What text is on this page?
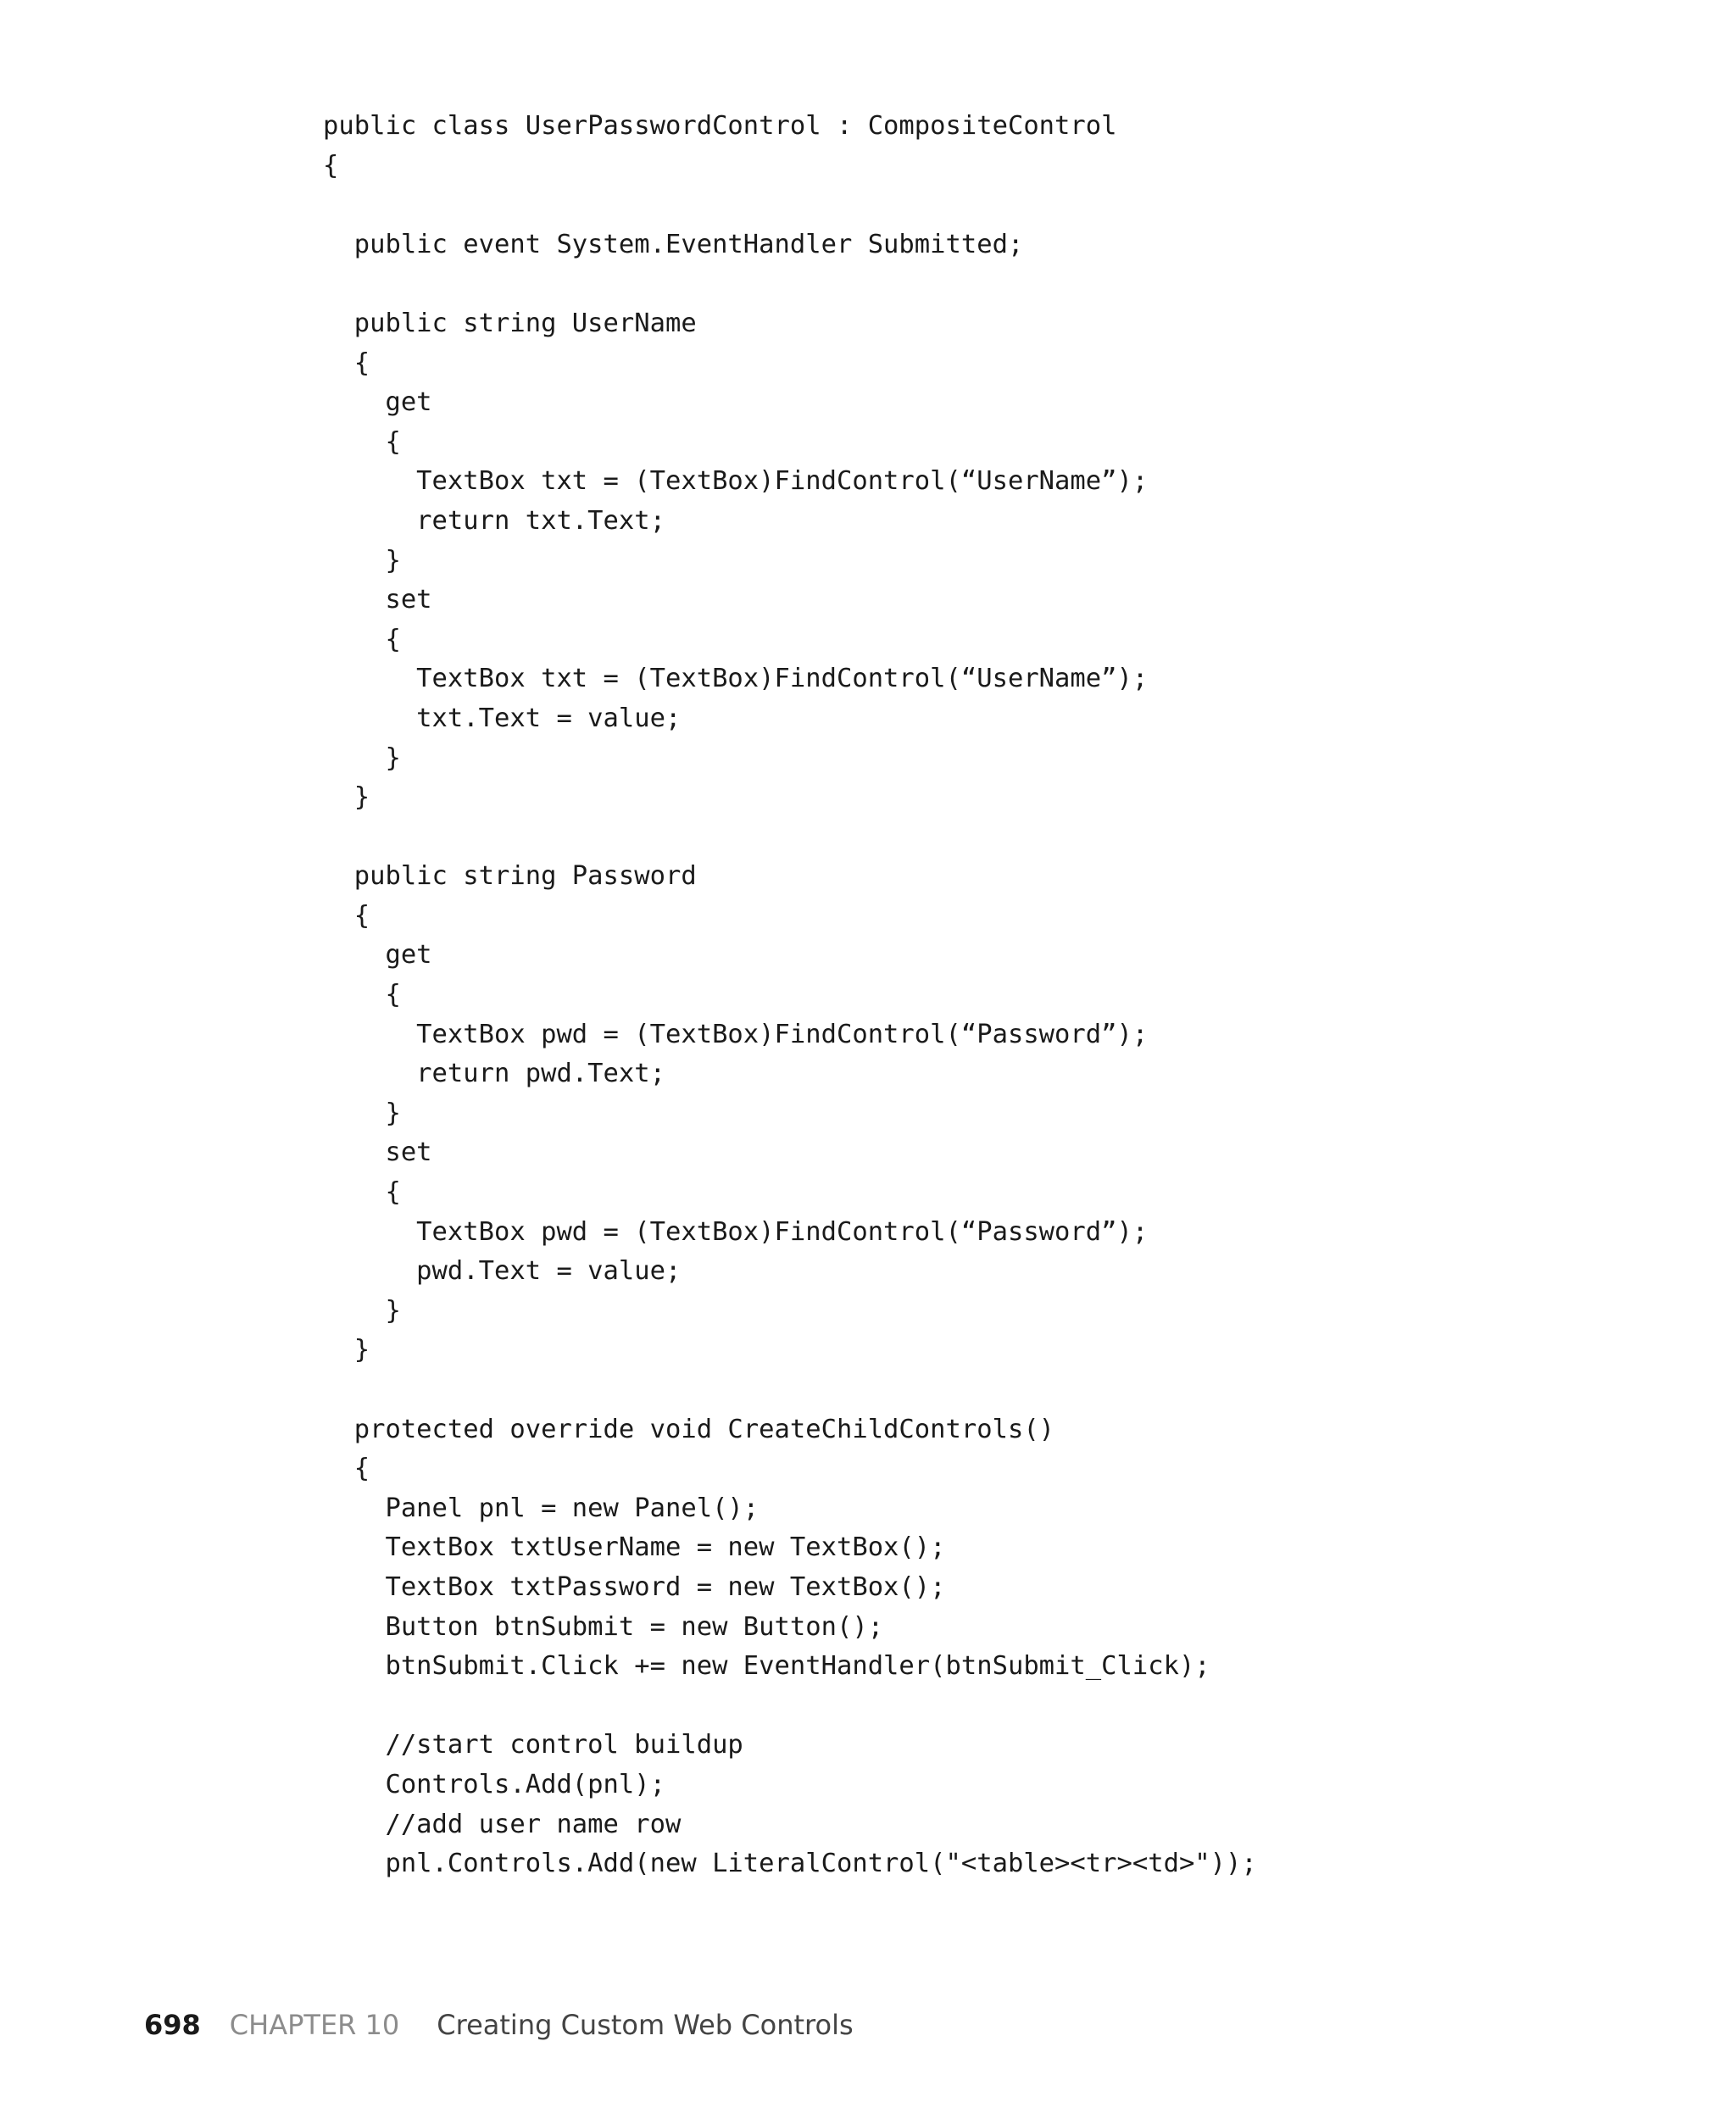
public class UserPasswordControl : CompositeControl
{
public event System.EventHandler Submitted;
public string UserName
{
get
{
TextBox txt = (TextBox)FindControl(“UserName”);
return txt.Text;
}
set
{
TextBox txt = (TextBox)FindControl(“UserName”);
txt.Text = value;
}
}
public string Password
{
get
{
TextBox pwd = (TextBox)FindControl(“Password”);
return pwd.Text;
}
set
{
TextBox pwd = (TextBox)FindControl(“Password”);
pwd.Text = value;
}
}
protected override void CreateChildControls()
{
Panel pnl = new Panel();
TextBox txtUserName = new TextBox();
TextBox txtPassword = new TextBox();
Button btnSubmit = new Button();
btnSubmit.Click += new EventHandler(btnSubmit_Click);
//start control buildup
Controls.Add(pnl);
//add user name row
pnl.Controls.Add(new LiteralControl("<table><tr><td>"));
698 CHAPTER 10 Creating Custom Web Controls
